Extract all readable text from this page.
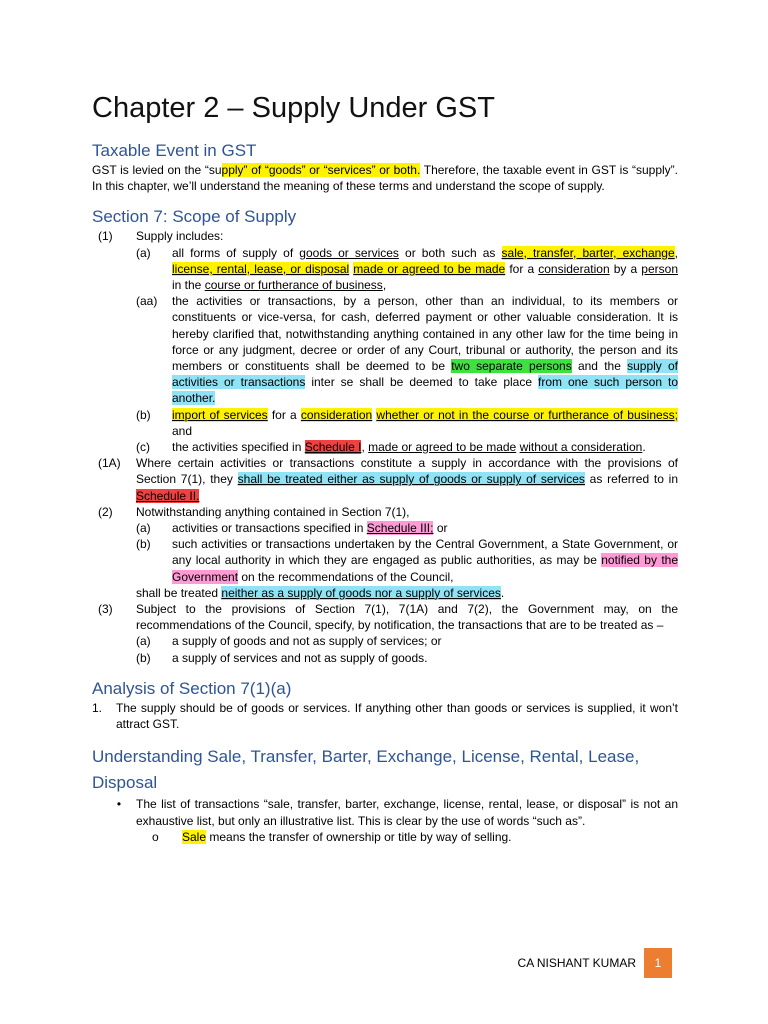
Chapter 2 – Supply Under GST
Taxable Event in GST

GST is levied on the “supply” of “goods” or “services” or both. Therefore, the taxable event in GST is “supply”. In this chapter, we’ll understand the meaning of these terms and understand the scope of supply.

Section 7: Scope of Supply
(1)	Supply includes:
(a)	all forms of supply of goods or services or both such as sale, transfer, barter, exchange, license, rental, lease, or disposal made or agreed to be made for a consideration by a person in the course or furtherance of business,
(aa)	the activities or transactions, by a person, other than an individual, to its members or constituents or vice-versa, for cash, deferred payment or other valuable consideration. It is hereby clarified that, notwithstanding anything contained in any other law for the time being in force or any judgment, decree or order of any Court, tribunal or authority, the person and its members or constituents shall be deemed to be two separate persons and the supply of activities or transactions inter se shall be deemed to take place from one such person to another.
(b)	import of services for a consideration whether or not in the course or furtherance of business; and
(c)	the activities specified in Schedule I, made or agreed to be made without a consideration.
(1A)	Where certain activities or transactions constitute a supply in accordance with the provisions of Section 7(1), they shall be treated either as supply of goods or supply of services as referred to in Schedule II.
(2)	Notwithstanding anything contained in Section 7(1),
(a)	activities or transactions specified in Schedule III; or
(b)	such activities or transactions undertaken by the Central Government, a State Government, or any local authority in which they are engaged as public authorities, as may be notified by the Government on the recommendations of the Council,
shall be treated neither as a supply of goods nor a supply of services.
(3)	Subject to the provisions of Section 7(1), 7(1A) and 7(2), the Government may, on the recommendations of the Council, specify, by notification, the transactions that are to be treated as –
(a)	a supply of goods and not as supply of services; or
(b)	a supply of services and not as supply of goods.
Analysis of Section 7(1)(a)
1.	The supply should be of goods or services. If anything other than goods or services is supplied, it won’t attract GST.
Understanding Sale, Transfer, Barter, Exchange, License, Rental, Lease, Disposal
•	The list of transactions “sale, transfer, barter, exchange, license, rental, lease, or disposal” is not an exhaustive list, but only an illustrative list. This is clear by the use of words “such as”.
o	Sale means the transfer of ownership or title by way of selling.
CA NISHANT KUMAR	1
